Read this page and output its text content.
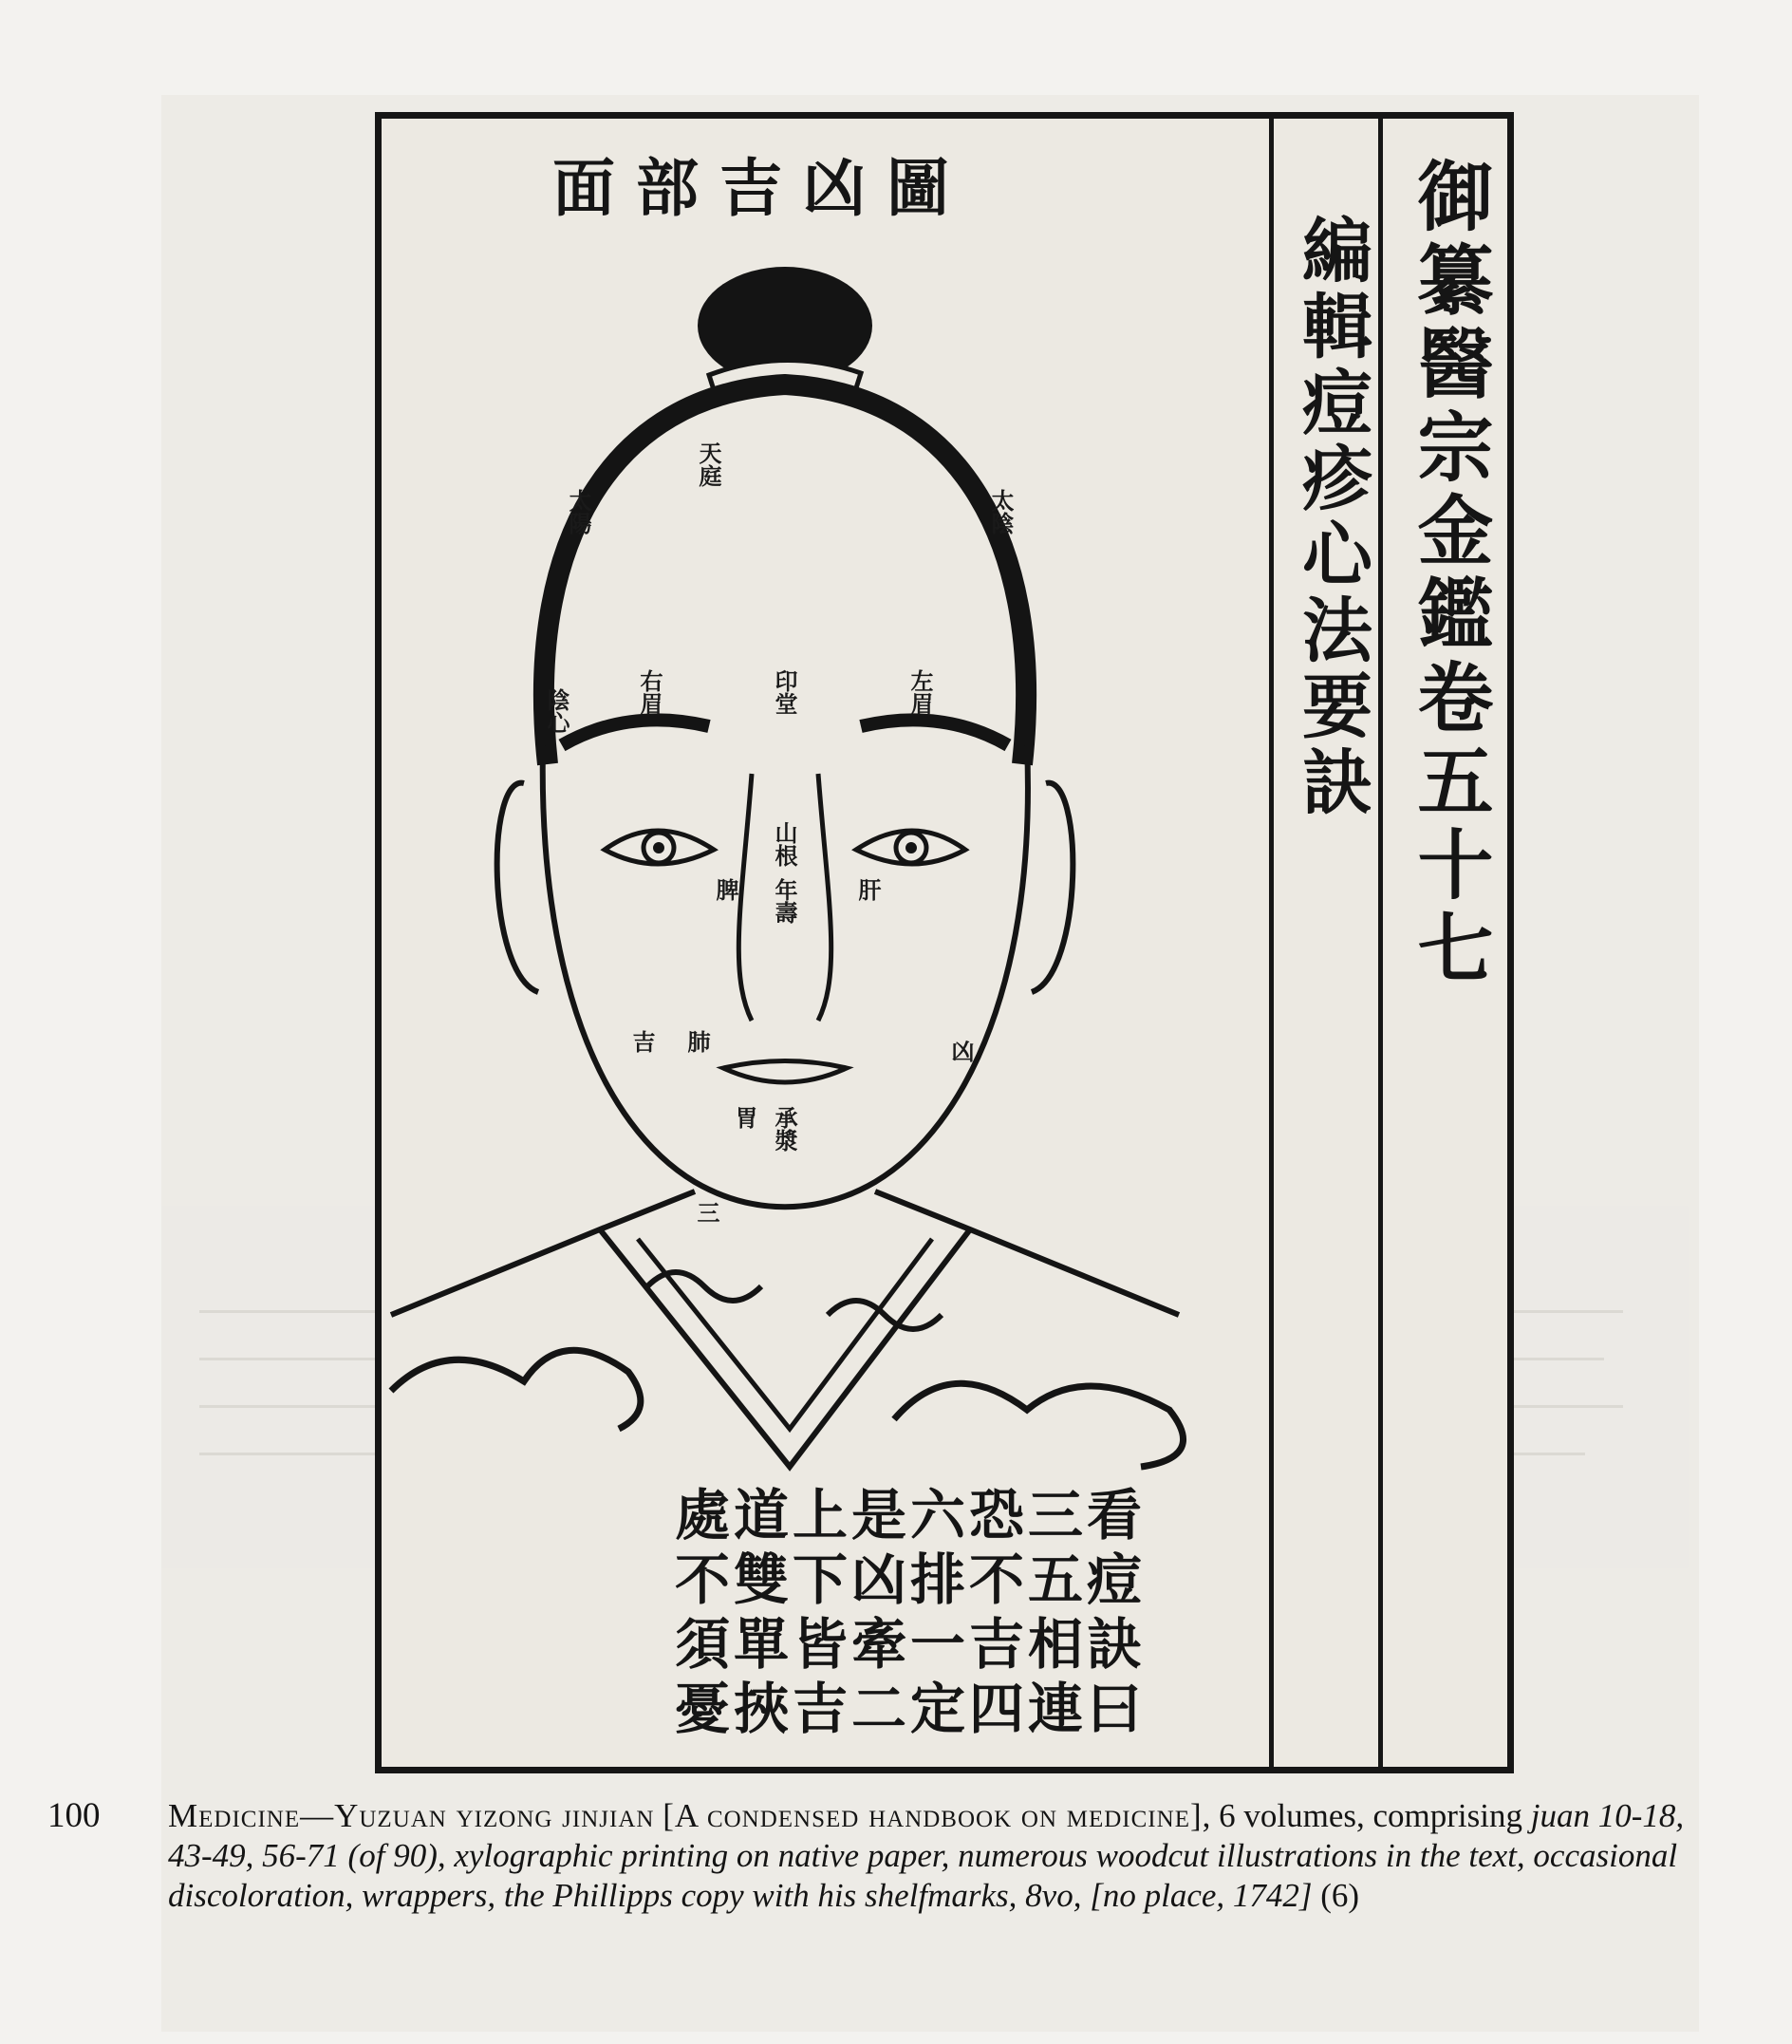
面部吉凶圖	御纂醫宗金鑑卷五十七
編輯痘疹心法要訣
天庭
太陽	太陰
陰心	右眉	左眉
山根
年壽
印堂
吉	凶
脾	肝
肺
胃
三
承漿
看痘訣曰
三五相連
恐不吉四
六排一定
是凶牽二
上下皆吉
道雙單挾
處不須憂
100 Medicine—Yuzuan yizong jinjian [A condensed handbook on medicine], 6 volumes, comprising juan 10-18, 43-49, 56-71 (of 90), xylographic printing on native paper, numerous woodcut illustrations in the text, occasional discoloration, wrappers, the Phillipps copy with his shelfmarks, 8vo, [no place, 1742] (6)
